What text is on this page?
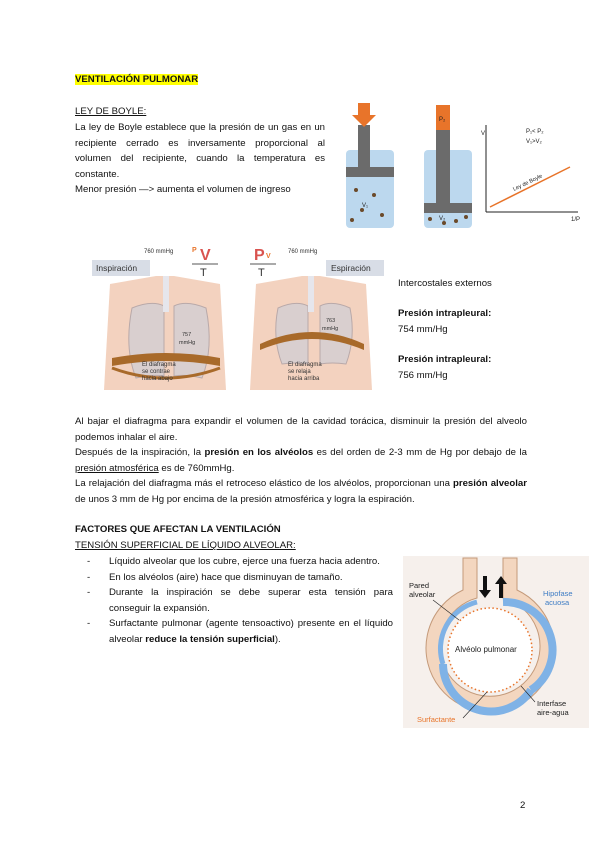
VENTILACIÓN PULMONAR
LEY DE BOYLE:
La ley de Boyle establece que la presión de un gas en un recipiente cerrado es inversamente proporcional al volumen del recipiente, cuando la temperatura es constante.
Menor presión —> aumenta el volumen de ingreso
V₁
P₂
V₂
V
1/P
P₁< P₂
V₁>V₂
Ley de Boyle
Inspiración
760 mmHg	P V
T
757
mmHg
El diafragma
se contrae
hacia abajo
Espiración
760 mmHg
P V
T
763
mmHg
El diafragma
se relaja
hacia arriba
Intercostales externos
Presión intrapleural:
754 mm/Hg
Presión intrapleural:
756 mm/Hg
Al bajar el diafragma para expandir el volumen de la cavidad torácica, disminuir la presión del alveolo podemos inhalar el aire.
Después de la inspiración, la presión en los alvéolos es del orden de 2-3 mm de Hg por debajo de la presión atmosférica es de 760mmHg.
La relajación del diafragma más el retroceso elástico de los alvéolos, proporcionan una presión alveolar de unos 3 mm de Hg por encima de la presión atmosférica y logra la espiración.
FACTORES QUE AFECTAN LA VENTILACIÓN
TENSIÓN SUPERFICIAL DE LÍQUIDO ALVEOLAR:
- Líquido alveolar que los cubre, ejerce una fuerza hacia adentro.
- En los alvéolos (aire) hace que disminuyan de tamaño.
- Durante la inspiración se debe superar esta tensión para conseguir la expansión.
- Surfactante pulmonar (agente tensoactivo) presente en el líquido alveolar reduce la tensión superficial).
Pared
alveolar	Hipofase
acuosa
Alvéolo pulmonar
Interfase
aire-agua
Surfactante
2
